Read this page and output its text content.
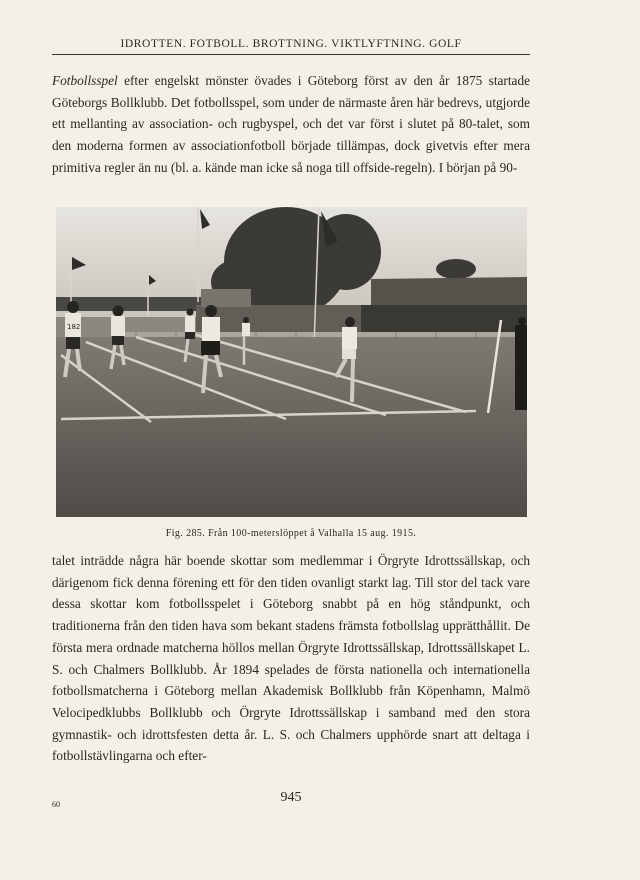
IDROTTEN. FOTBOLL. BROTTNING. VIKTLYFTNING. GOLF

Fotbollsspel efter engelskt mönster övades i Göteborg först av den år 1875 startade Göteborgs Bollklubb. Det fotbollsspel, som under de närmaste åren här bedrevs, utgjorde ett mellanting av association- och rugbyspel, och det var först i slutet på 80-talet, som den moderna formen av associationfotboll började tillämpas, dock givetvis efter mera primitiva regler än nu (bl. a. kände man icke så noga till offside-regeln). I början på 90-

182
Fig. 285. Från 100-meterslöppet å Valhalla 15 aug. 1915.

talet inträdde några här boende skottar som medlemmar i Örgryte Idrottssällskap, och därigenom fick denna förening ett för den tiden ovanligt starkt lag. Till stor del tack vare dessa skottar kom fotbollsspelet i Göteborg snabbt på en hög ståndpunkt, och traditionerna från den tiden hava som bekant stadens främsta fotbollslag upprätthållit. De första mera ordnade matcherna höllos mellan Örgryte Idrottssällskap, Idrottssällskapet L. S. och Chalmers Bollklubb. År 1894 spelades de första nationella och internationella fotbollsmatcherna i Göteborg mellan Akademisk Bollklubb från Köpenhamn, Malmö Velocipedklubbs Bollklubb och Örgryte Idrottssällskap i samband med den stora gymnastik- och idrottsfesten detta år. L. S. och Chalmers upphörde snart att deltaga i fotbollstävlingarna och efter-

60	945
